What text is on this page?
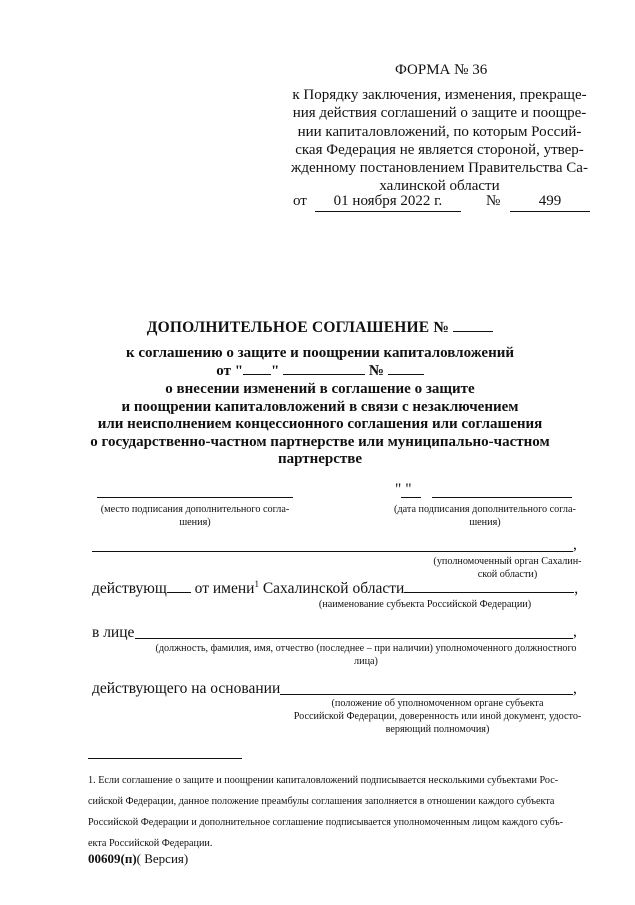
ФОРМА № 36
к Порядку заключения, изменения, прекраще-
ния действия соглашений о защите и поощре-
нии капиталовложений, по которым Россий-
ская Федерация не является стороной, утвер-
жденному постановлением Правительства Са-
халинской области
от	01 ноября 2022 г.	№	499
ДОПОЛНИТЕЛЬНОЕ СОГЛАШЕНИЕ №
к соглашению о защите и поощрении капиталовложений
от " "	№
о внесении изменений в соглашение о защите
и поощрении капиталовложений в связи с незаключением
или неисполнением концессионного соглашения или соглашения
о государственно-частном партнерстве или муниципально-частном
партнерстве
(место подписания дополнительного согла-
шения)
" "
(дата подписания дополнительного согла-
шения)
,
(уполномоченный орган Сахалин-
ской области)
действующ от имени$^1$ Сахалинской области	,
(наименование субъекта Российской Федерации)
в лице	,
(должность, фамилия, имя, отчество (последнее – при наличии) уполномоченного должностного
лица)
действующего на основании	,
(положение об уполномоченном органе субъекта
Российской Федерации, доверенность или иной документ, удосто-
веряющий полномочия)
1. Если соглашение о защите и поощрении капиталовложений подписывается несколькими субъектами Рос-
сийской Федерации, данное положение преамбулы соглашения заполняется в отношении каждого субъекта
Российской Федерации и дополнительное соглашение подписывается уполномоченным лицом каждого субъ-
екта Российской Федерации.
00609(п)( Версия)
